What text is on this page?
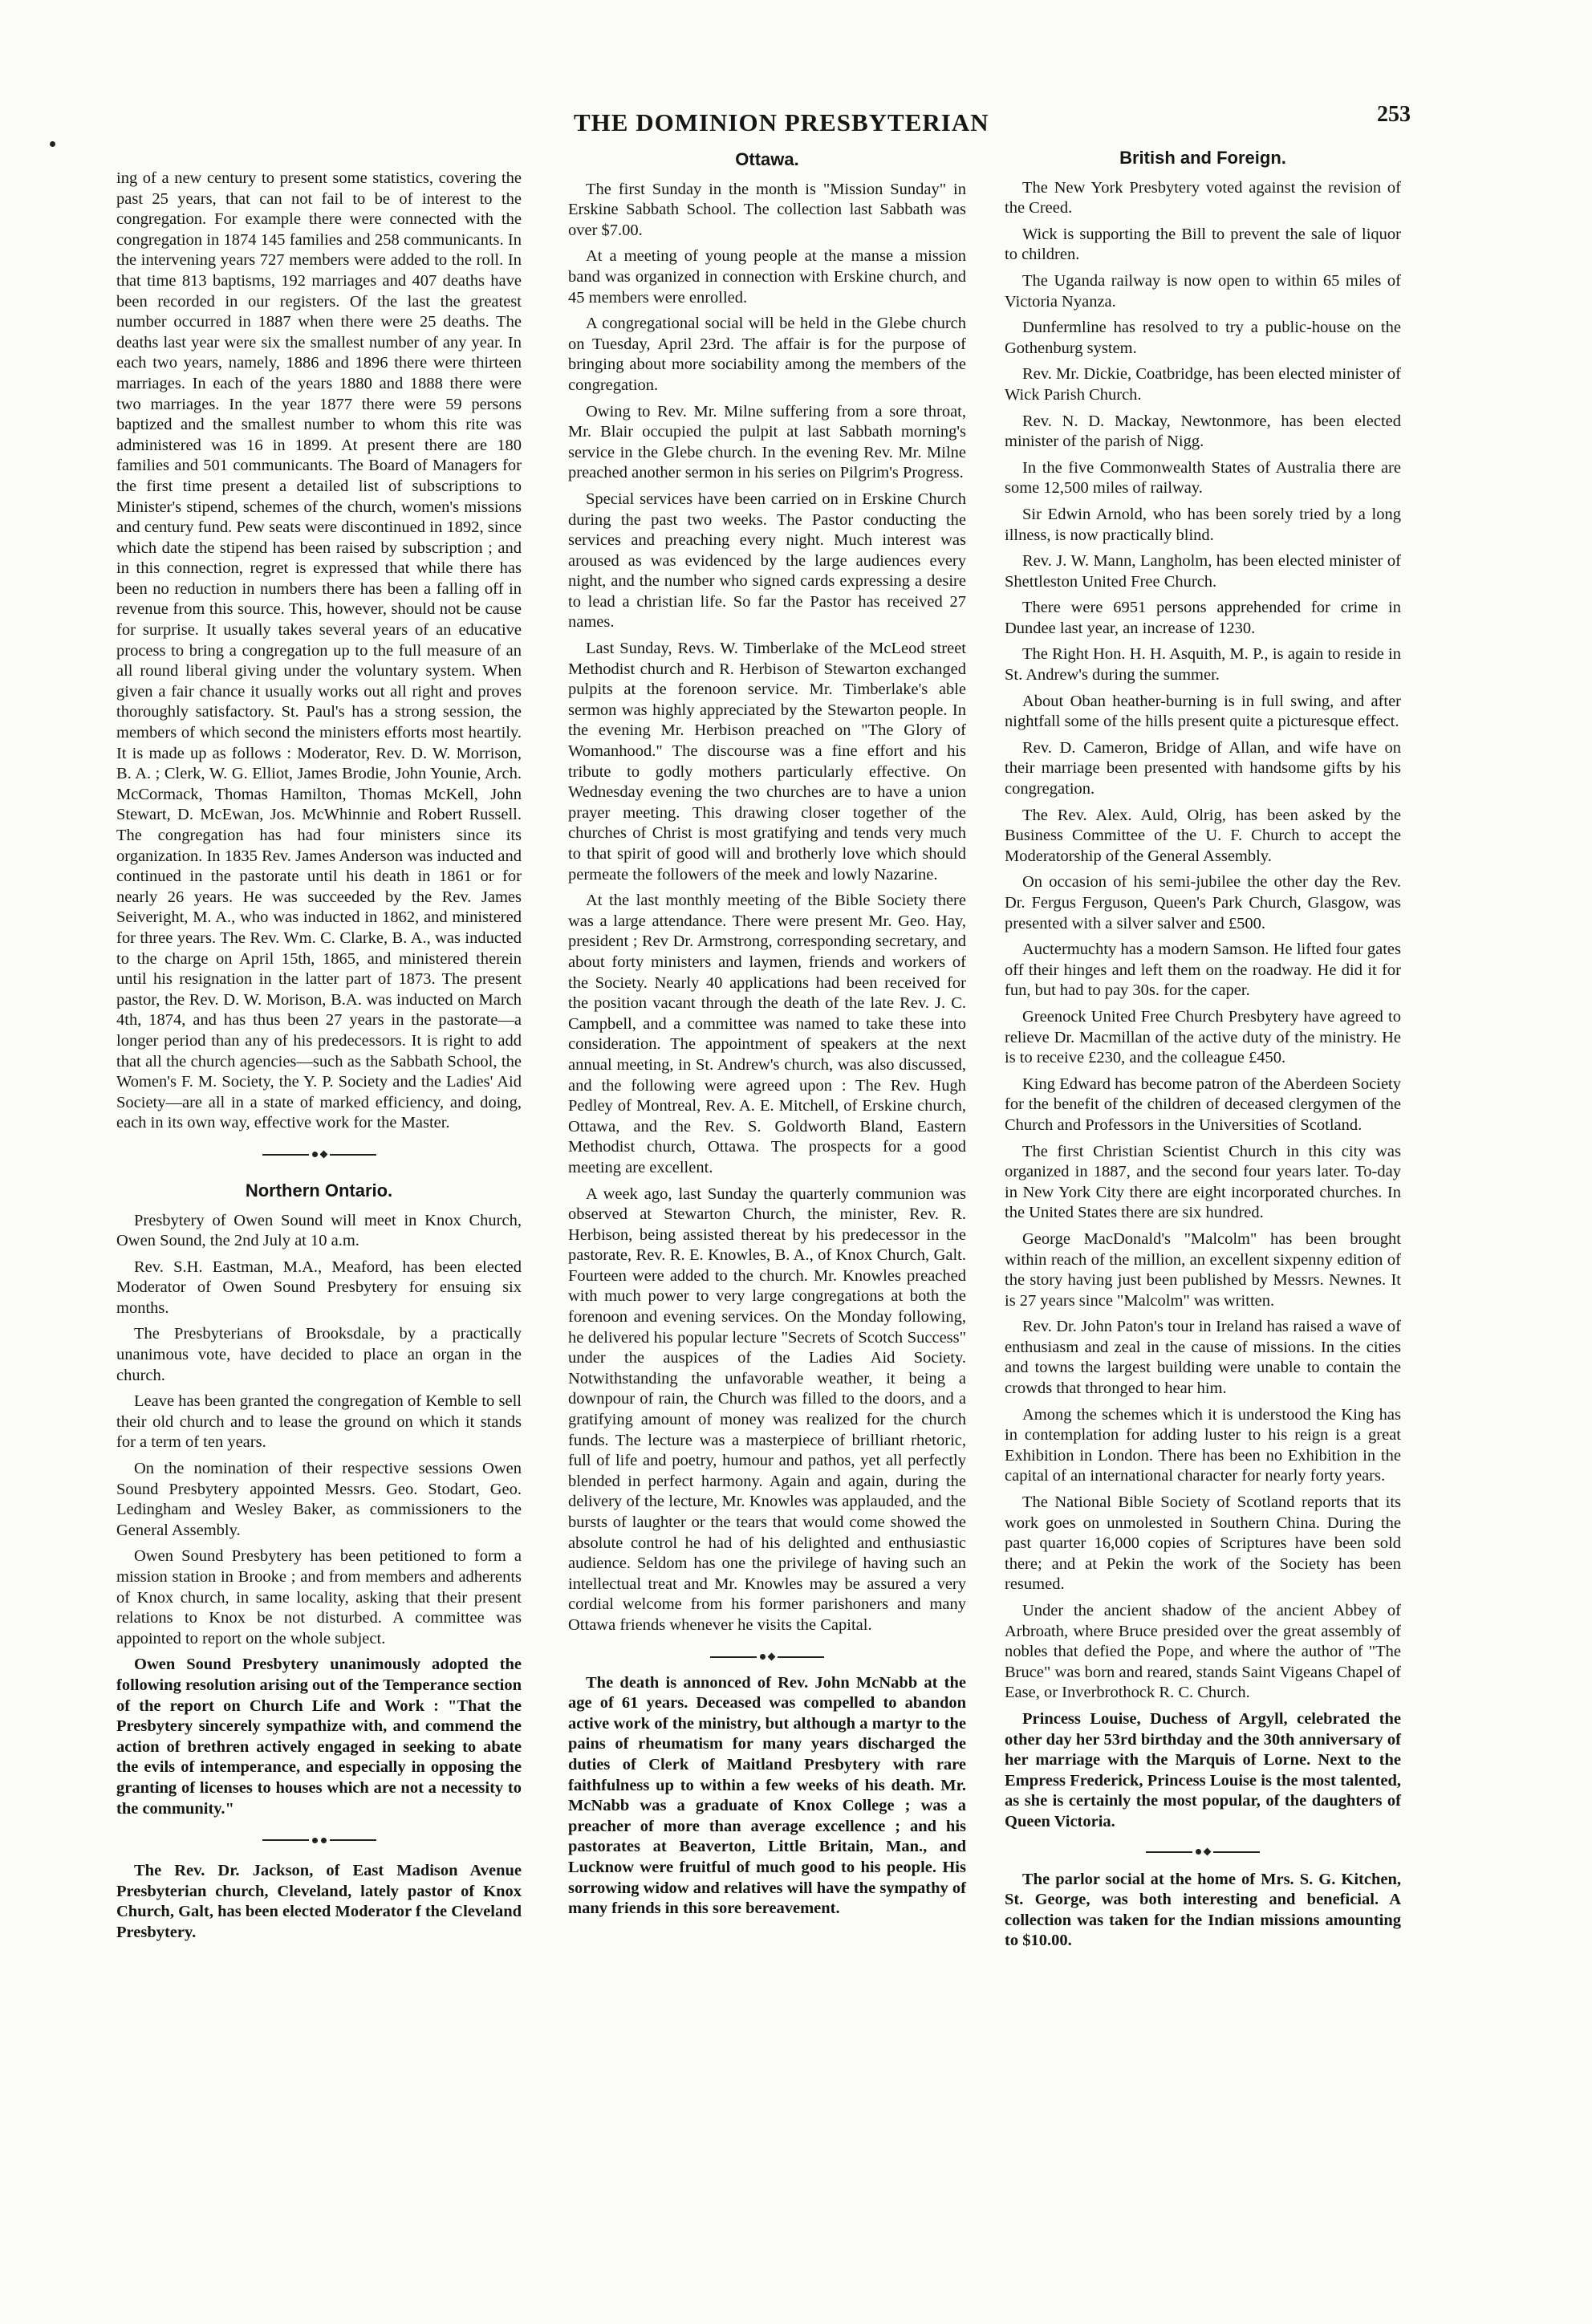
THE DOMINION PRESBYTERIAN	253

ing of a new century to present some statistics, covering the past 25 years, that can not fail to be of interest to the congregation. For example there were connected with the congregation in 1874 145 families and 258 communicants. In the intervening years 727 members were added to the roll. In that time 813 baptisms, 192 marriages and 407 deaths have been recorded in our registers. Of the last the greatest number occurred in 1887 when there were 25 deaths. The deaths last year were six the smallest number of any year. In each two years, namely, 1886 and 1896 there were thirteen marriages. In each of the years 1880 and 1888 there were two marriages. In the year 1877 there were 59 persons baptized and the smallest number to whom this rite was administered was 16 in 1899. At present there are 180 families and 501 communicants. The Board of Managers for the first time present a detailed list of subscriptions to Minister's stipend, schemes of the church, women's missions and century fund. Pew seats were discontinued in 1892, since which date the stipend has been raised by subscription ; and in this connection, regret is expressed that while there has been no reduction in numbers there has been a falling off in revenue from this source. This, however, should not be cause for surprise. It usually takes several years of an educative process to bring a congregation up to the full measure of an all round liberal giving under the voluntary system. When given a fair chance it usually works out all right and proves thoroughly satisfactory. St. Paul's has a strong session, the members of which second the ministers efforts most heartily. It is made up as follows : Moderator, Rev. D. W. Morrison, B. A. ; Clerk, W. G. Elliot, James Brodie, John Younie, Arch. McCormack, Thomas Hamilton, Thomas McKell, John Stewart, D. McEwan, Jos. McWhinnie and Robert Russell. The congregation has had four ministers since its organization. In 1835 Rev. James Anderson was inducted and continued in the pastorate until his death in 1861 or for nearly 26 years. He was succeeded by the Rev. James Seiveright, M. A., who was inducted in 1862, and ministered for three years. The Rev. Wm. C. Clarke, B. A., was inducted to the charge on April 15th, 1865, and ministered therein until his resignation in the latter part of 1873. The present pastor, the Rev. D. W. Morison, B.A. was inducted on March 4th, 1874, and has thus been 27 years in the pastorate—a longer period than any of his predecessors. It is right to add that all the church agencies—such as the Sabbath School, the Women's F. M. Society, the Y. P. Society and the Ladies' Aid Society—are all in a state of marked efficiency, and doing, each in its own way, effective work for the Master.

Northern Ontario.

Presbytery of Owen Sound will meet in Knox Church, Owen Sound, the 2nd July at 10 a.m.

Rev. S.H. Eastman, M.A., Meaford, has been elected Moderator of Owen Sound Presbytery for ensuing six months.

The Presbyterians of Brooksdale, by a practically unanimous vote, have decided to place an organ in the church.

Leave has been granted the congregation of Kemble to sell their old church and to lease the ground on which it stands for a term of ten years.

On the nomination of their respective sessions Owen Sound Presbytery appointed Messrs. Geo. Stodart, Geo. Ledingham and Wesley Baker, as commissioners to the General Assembly.

Owen Sound Presbytery has been petitioned to form a mission station in Brooke ; and from members and adherents of Knox church, in same locality, asking that their present relations to Knox be not disturbed. A committee was appointed to report on the whole subject.

Owen Sound Presbytery unanimously adopted the following resolution arising out of the Temperance section of the report on Church Life and Work : "That the Presbytery sincerely sympathize with, and commend the action of brethren actively engaged in seeking to abate the evils of intemperance, and especially in opposing the granting of licenses to houses which are not a necessity to the community."

The Rev. Dr. Jackson, of East Madison Avenue Presbyterian church, Cleveland, lately pastor of Knox Church, Galt, has been elected Moderator f the Cleveland Presbytery.

Ottawa.

The first Sunday in the month is "Mission Sunday" in Erskine Sabbath School. The collection last Sabbath was over $7.00.

At a meeting of young people at the manse a mission band was organized in connection with Erskine church, and 45 members were enrolled.

A congregational social will be held in the Glebe church on Tuesday, April 23rd. The affair is for the purpose of bringing about more sociability among the members of the congregation.

Owing to Rev. Mr. Milne suffering from a sore throat, Mr. Blair occupied the pulpit at last Sabbath morning's service in the Glebe church. In the evening Rev. Mr. Milne preached another sermon in his series on Pilgrim's Progress.

Special services have been carried on in Erskine Church during the past two weeks. The Pastor conducting the services and preaching every night. Much interest was aroused as was evidenced by the large audiences every night, and the number who signed cards expressing a desire to lead a christian life. So far the Pastor has received 27 names.

Last Sunday, Revs. W. Timberlake of the McLeod street Methodist church and R. Herbison of Stewarton exchanged pulpits at the forenoon service. Mr. Timberlake's able sermon was highly appreciated by the Stewarton people. In the evening Mr. Herbison preached on "The Glory of Womanhood." The discourse was a fine effort and his tribute to godly mothers particularly effective. On Wednesday evening the two churches are to have a union prayer meeting. This drawing closer together of the churches of Christ is most gratifying and tends very much to that spirit of good will and brotherly love which should permeate the followers of the meek and lowly Nazarine.

At the last monthly meeting of the Bible Society there was a large attendance. There were present Mr. Geo. Hay, president ; Rev Dr. Armstrong, corresponding secretary, and about forty ministers and laymen, friends and workers of the Society. Nearly 40 applications had been received for the position vacant through the death of the late Rev. J. C. Campbell, and a committee was named to take these into consideration. The appointment of speakers at the next annual meeting, in St. Andrew's church, was also discussed, and the following were agreed upon : The Rev. Hugh Pedley of Montreal, Rev. A. E. Mitchell, of Erskine church, Ottawa, and the Rev. S. Goldworth Bland, Eastern Methodist church, Ottawa. The prospects for a good meeting are excellent.

A week ago, last Sunday the quarterly communion was observed at Stewarton Church, the minister, Rev. R. Herbison, being assisted thereat by his predecessor in the pastorate, Rev. R. E. Knowles, B. A., of Knox Church, Galt. Fourteen were added to the church. Mr. Knowles preached with much power to very large congregations at both the forenoon and evening services. On the Monday following, he delivered his popular lecture "Secrets of Scotch Success" under the auspices of the Ladies Aid Society. Notwithstanding the unfavorable weather, it being a downpour of rain, the Church was filled to the doors, and a gratifying amount of money was realized for the church funds. The lecture was a masterpiece of brilliant rhetoric, full of life and poetry, humour and pathos, yet all perfectly blended in perfect harmony. Again and again, during the delivery of the lecture, Mr. Knowles was applauded, and the bursts of laughter or the tears that would come showed the absolute control he had of his delighted and enthusiastic audience. Seldom has one the privilege of having such an intellectual treat and Mr. Knowles may be assured a very cordial welcome from his former parishoners and many Ottawa friends whenever he visits the Capital.

The death is annonced of Rev. John McNabb at the age of 61 years. Deceased was compelled to abandon active work of the ministry, but although a martyr to the pains of rheumatism for many years discharged the duties of Clerk of Maitland Presbytery with rare faithfulness up to within a few weeks of his death. Mr. McNabb was a graduate of Knox College ; was a preacher of more than average excellence ; and his pastorates at Beaverton, Little Britain, Man., and Lucknow were fruitful of much good to his people. His sorrowing widow and relatives will have the sympathy of many friends in this sore bereavement.

British and Foreign.

The New York Presbytery voted against the revision of the Creed.

Wick is supporting the Bill to prevent the sale of liquor to children.

The Uganda railway is now open to within 65 miles of Victoria Nyanza.

Dunfermline has resolved to try a public-house on the Gothenburg system.

Rev. Mr. Dickie, Coatbridge, has been elected minister of Wick Parish Church.

Rev. N. D. Mackay, Newtonmore, has been elected minister of the parish of Nigg.

In the five Commonwealth States of Australia there are some 12,500 miles of railway.

Sir Edwin Arnold, who has been sorely tried by a long illness, is now practically blind.

Rev. J. W. Mann, Langholm, has been elected minister of Shettleston United Free Church.

There were 6951 persons apprehended for crime in Dundee last year, an increase of 1230.

The Right Hon. H. H. Asquith, M. P., is again to reside in St. Andrew's during the summer.

About Oban heather-burning is in full swing, and after nightfall some of the hills present quite a picturesque effect.

Rev. D. Cameron, Bridge of Allan, and wife have on their marriage been presented with handsome gifts by his congregation.

The Rev. Alex. Auld, Olrig, has been asked by the Business Committee of the U. F. Church to accept the Moderatorship of the General Assembly.

On occasion of his semi-jubilee the other day the Rev. Dr. Fergus Ferguson, Queen's Park Church, Glasgow, was presented with a silver salver and £500.

Auctermuchty has a modern Samson. He lifted four gates off their hinges and left them on the roadway. He did it for fun, but had to pay 30s. for the caper.

Greenock United Free Church Presbytery have agreed to relieve Dr. Macmillan of the active duty of the ministry. He is to receive £230, and the colleague £450.

King Edward has become patron of the Aberdeen Society for the benefit of the children of deceased clergymen of the Church and Professors in the Universities of Scotland.

The first Christian Scientist Church in this city was organized in 1887, and the second four years later. To-day in New York City there are eight incorporated churches. In the United States there are six hundred.

George MacDonald's "Malcolm" has been brought within reach of the million, an excellent sixpenny edition of the story having just been published by Messrs. Newnes. It is 27 years since "Malcolm" was written.

Rev. Dr. John Paton's tour in Ireland has raised a wave of enthusiasm and zeal in the cause of missions. In the cities and towns the largest building were unable to contain the crowds that thronged to hear him.

Among the schemes which it is understood the King has in contemplation for adding luster to his reign is a great Exhibition in London. There has been no Exhibition in the capital of an international character for nearly forty years.

The National Bible Society of Scotland reports that its work goes on unmolested in Southern China. During the past quarter 16,000 copies of Scriptures have been sold there; and at Pekin the work of the Society has been resumed.

Under the ancient shadow of the ancient Abbey of Arbroath, where Bruce presided over the great assembly of nobles that defied the Pope, and where the author of "The Bruce" was born and reared, stands Saint Vigeans Chapel of Ease, or Inverbrothock R. C. Church.

Princess Louise, Duchess of Argyll, celebrated the other day her 53rd birthday and the 30th anniversary of her marriage with the Marquis of Lorne. Next to the Empress Frederick, Princess Louise is the most talented, as she is certainly the most popular, of the daughters of Queen Victoria.

The parlor social at the home of Mrs. S. G. Kitchen, St. George, was both interesting and beneficial. A collection was taken for the Indian missions amounting to $10.00.
